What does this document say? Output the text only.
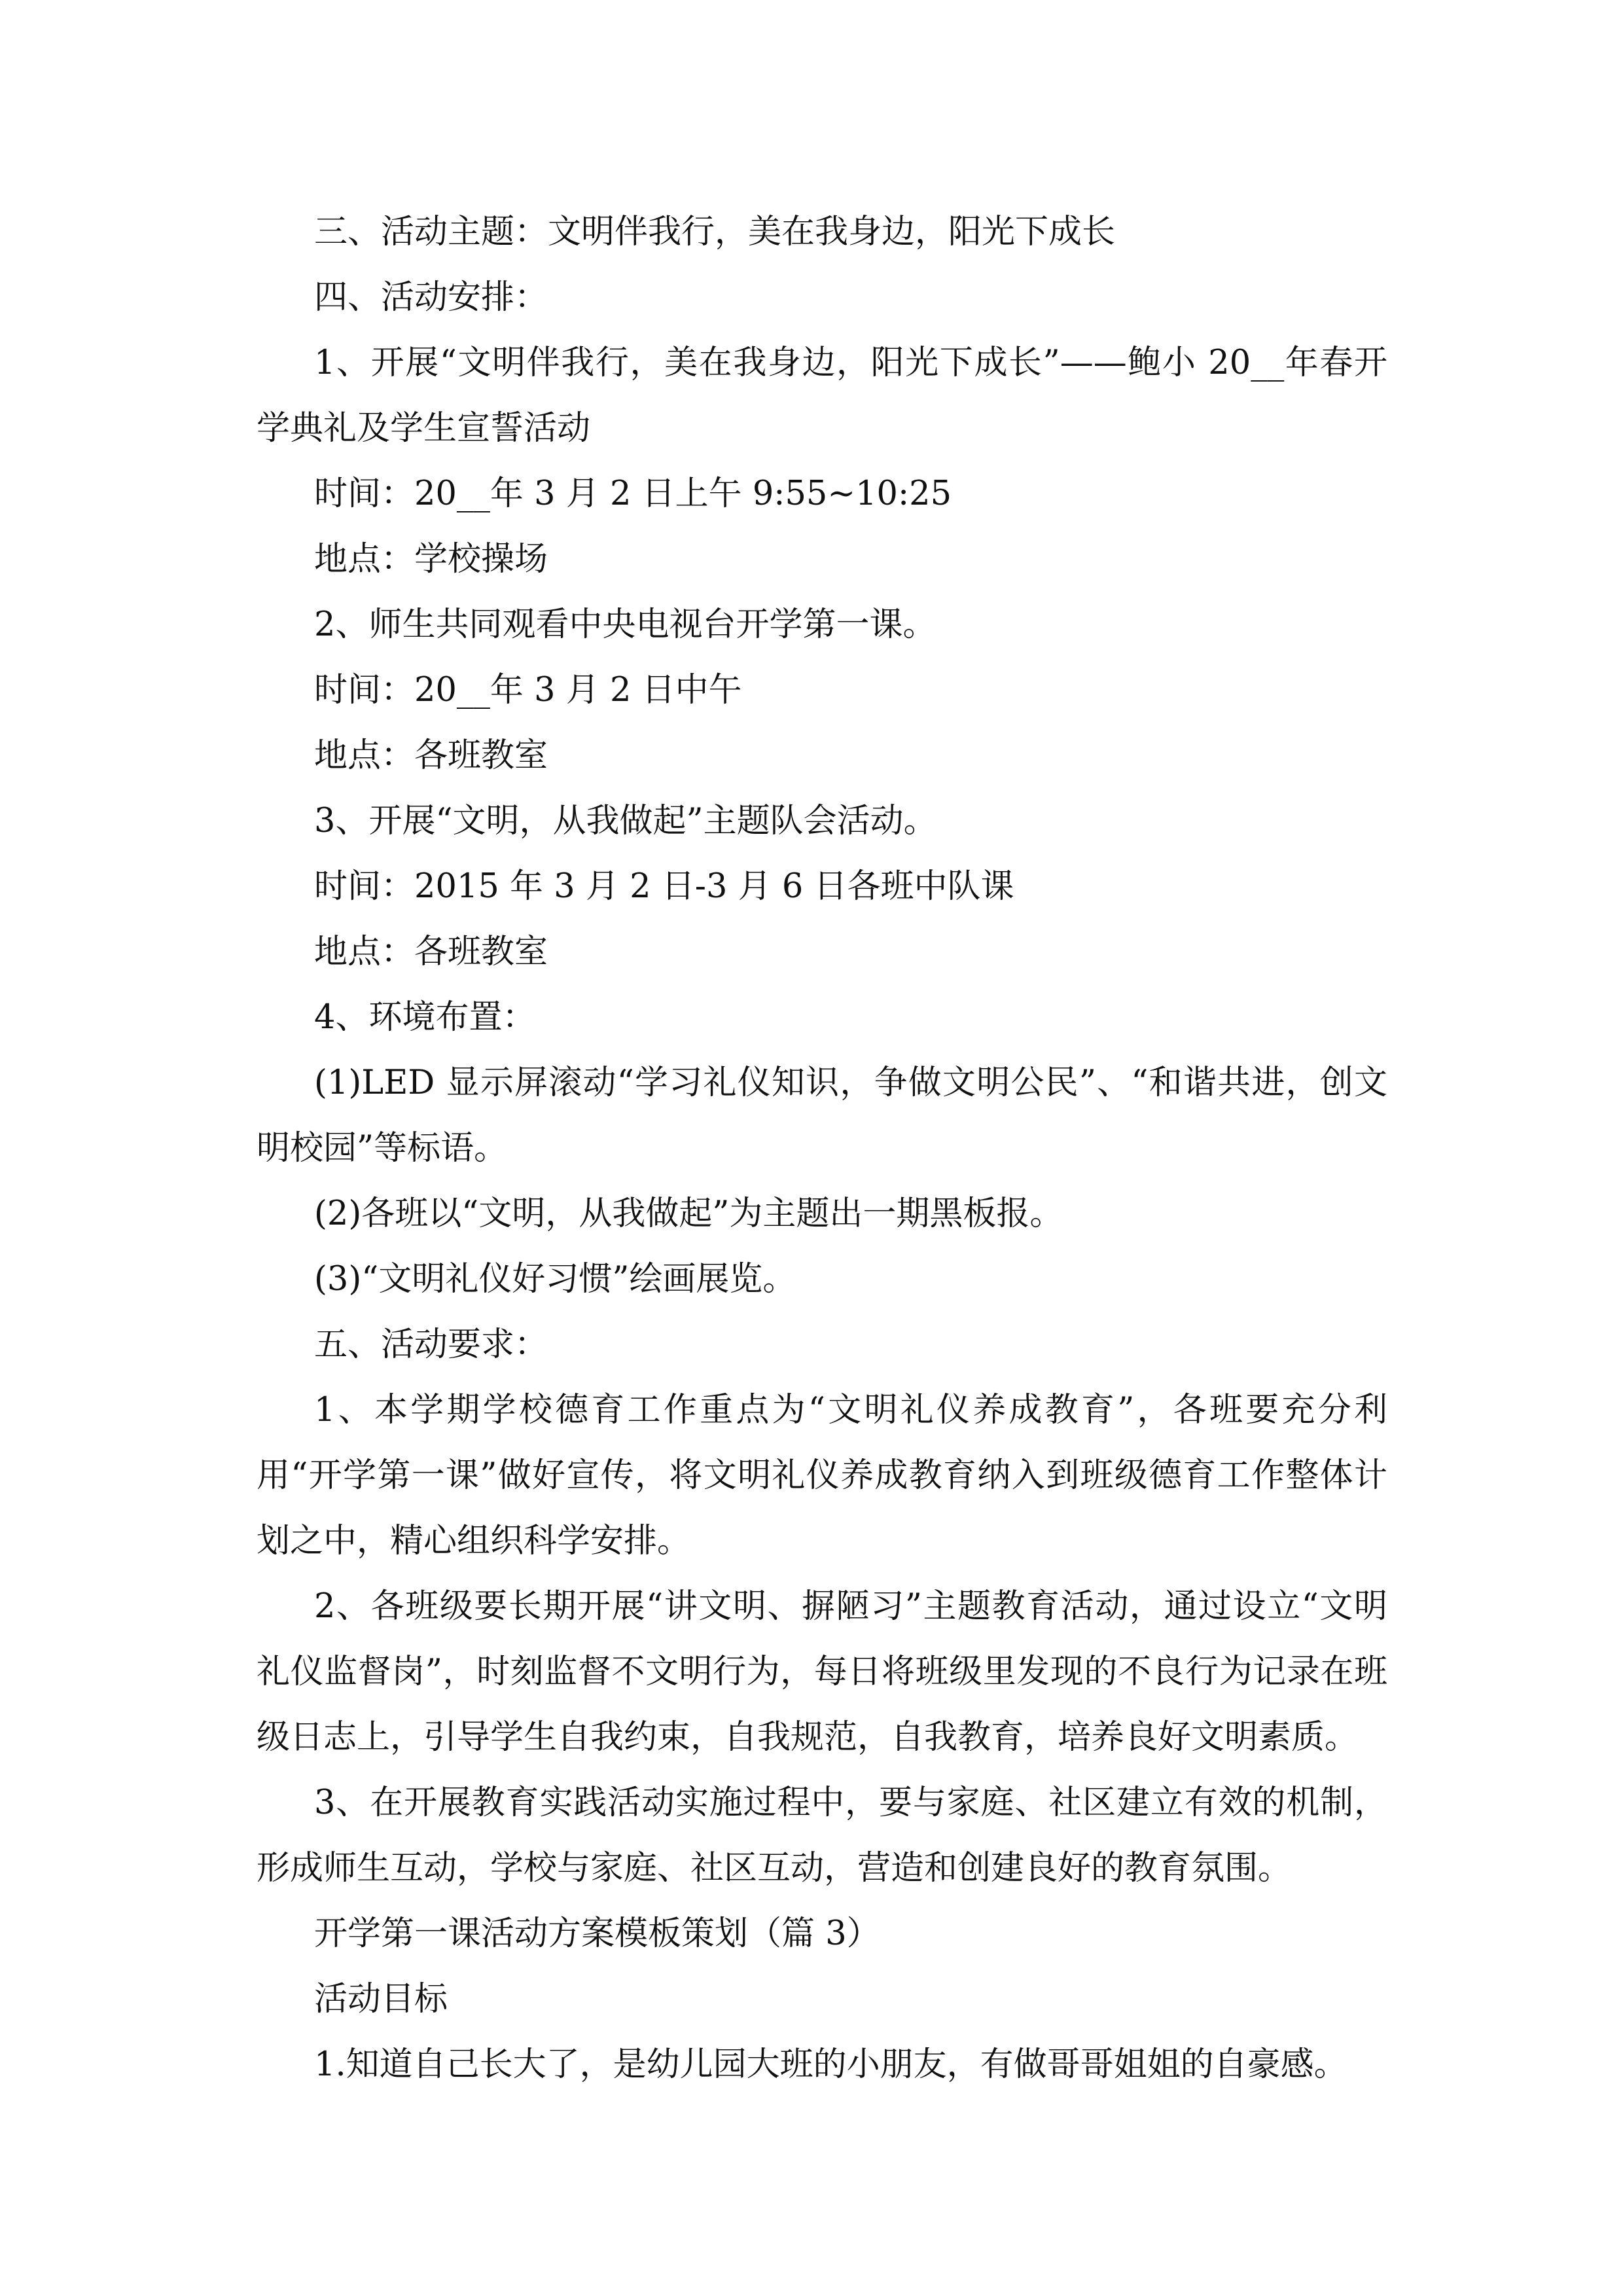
三、活动主题：文明伴我行，美在我身边，阳光下成长

四、活动安排：

1、开展“文明伴我行，美在我身边，阳光下成长”——鲍小 20__年春开学典礼及学生宣誓活动

时间：20__年 3 月 2 日上午 9:55~10:25

地点：学校操场

2、师生共同观看中央电视台开学第一课。

时间：20__年 3 月 2 日中午

地点：各班教室

3、开展“文明，从我做起”主题队会活动。

时间：2015 年 3 月 2 日-3 月 6 日各班中队课

地点：各班教室

4、环境布置：

(1)LED 显示屏滚动“学习礼仪知识，争做文明公民”、“和谐共进，创文明校园”等标语。

(2)各班以“文明，从我做起”为主题出一期黑板报。

(3)“文明礼仪好习惯”绘画展览。

五、活动要求：

1、本学期学校德育工作重点为“文明礼仪养成教育”，各班要充分利用“开学第一课”做好宣传，将文明礼仪养成教育纳入到班级德育工作整体计划之中，精心组织科学安排。

2、各班级要长期开展“讲文明、摒陋习”主题教育活动，通过设立“文明礼仪监督岗”，时刻监督不文明行为，每日将班级里发现的不良行为记录在班级日志上，引导学生自我约束，自我规范，自我教育，培养良好文明素质。

3、在开展教育实践活动实施过程中，要与家庭、社区建立有效的机制，形成师生互动，学校与家庭、社区互动，营造和创建良好的教育氛围。

开学第一课活动方案模板策划（篇 3）

活动目标

1.知道自己长大了，是幼儿园大班的小朋友，有做哥哥姐姐的自豪感。
